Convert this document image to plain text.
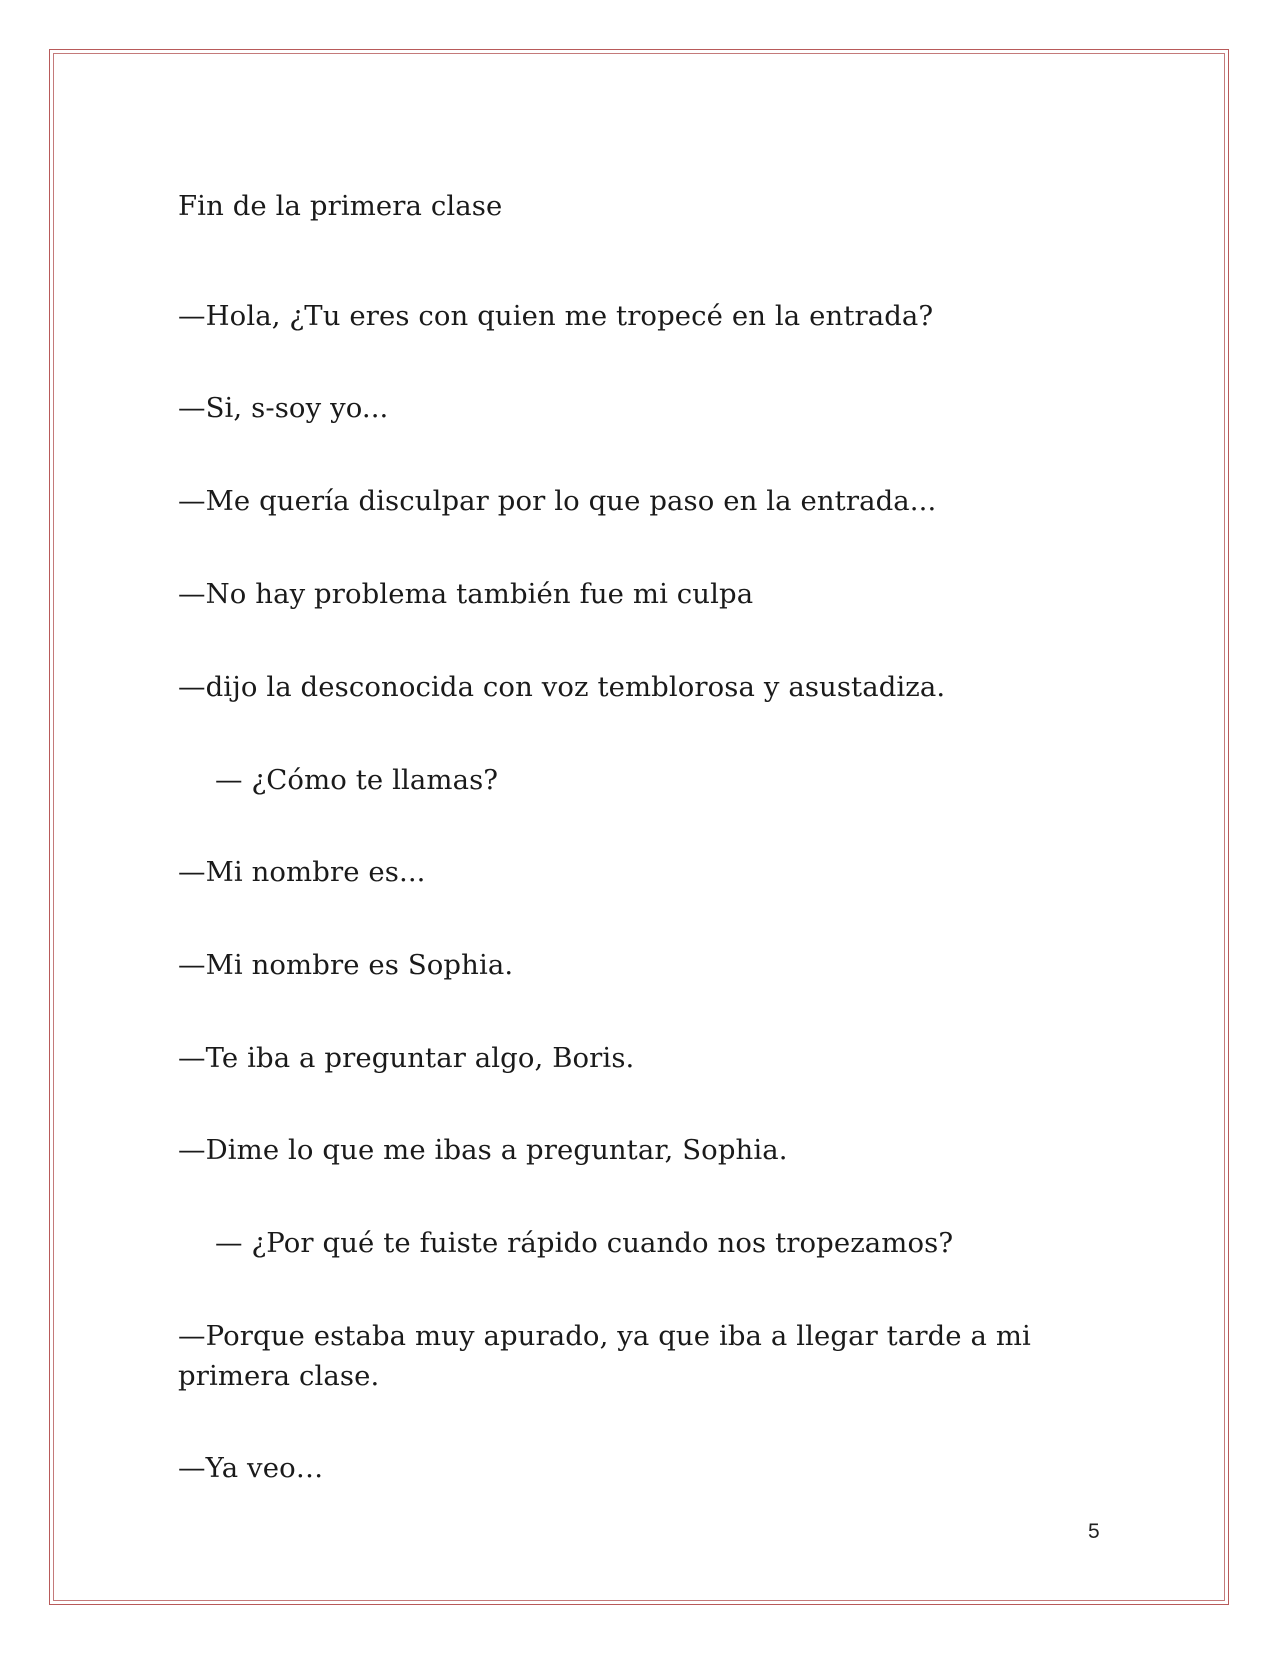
Fin de la primera clase
—Hola, ¿Tu eres con quien me tropecé en la entrada?
—Si, s-soy yo...
—Me quería disculpar por lo que paso en la entrada...
—No hay problema también fue mi culpa
—dijo la desconocida con voz temblorosa y asustadiza.
— ¿Cómo te llamas?
—Mi nombre es...
—Mi nombre es Sophia.
—Te iba a preguntar algo, Boris.
—Dime lo que me ibas a preguntar, Sophia.
— ¿Por qué te fuiste rápido cuando nos tropezamos?
—Porque estaba muy apurado, ya que iba a llegar tarde a mi primera clase.
—Ya veo…
5
